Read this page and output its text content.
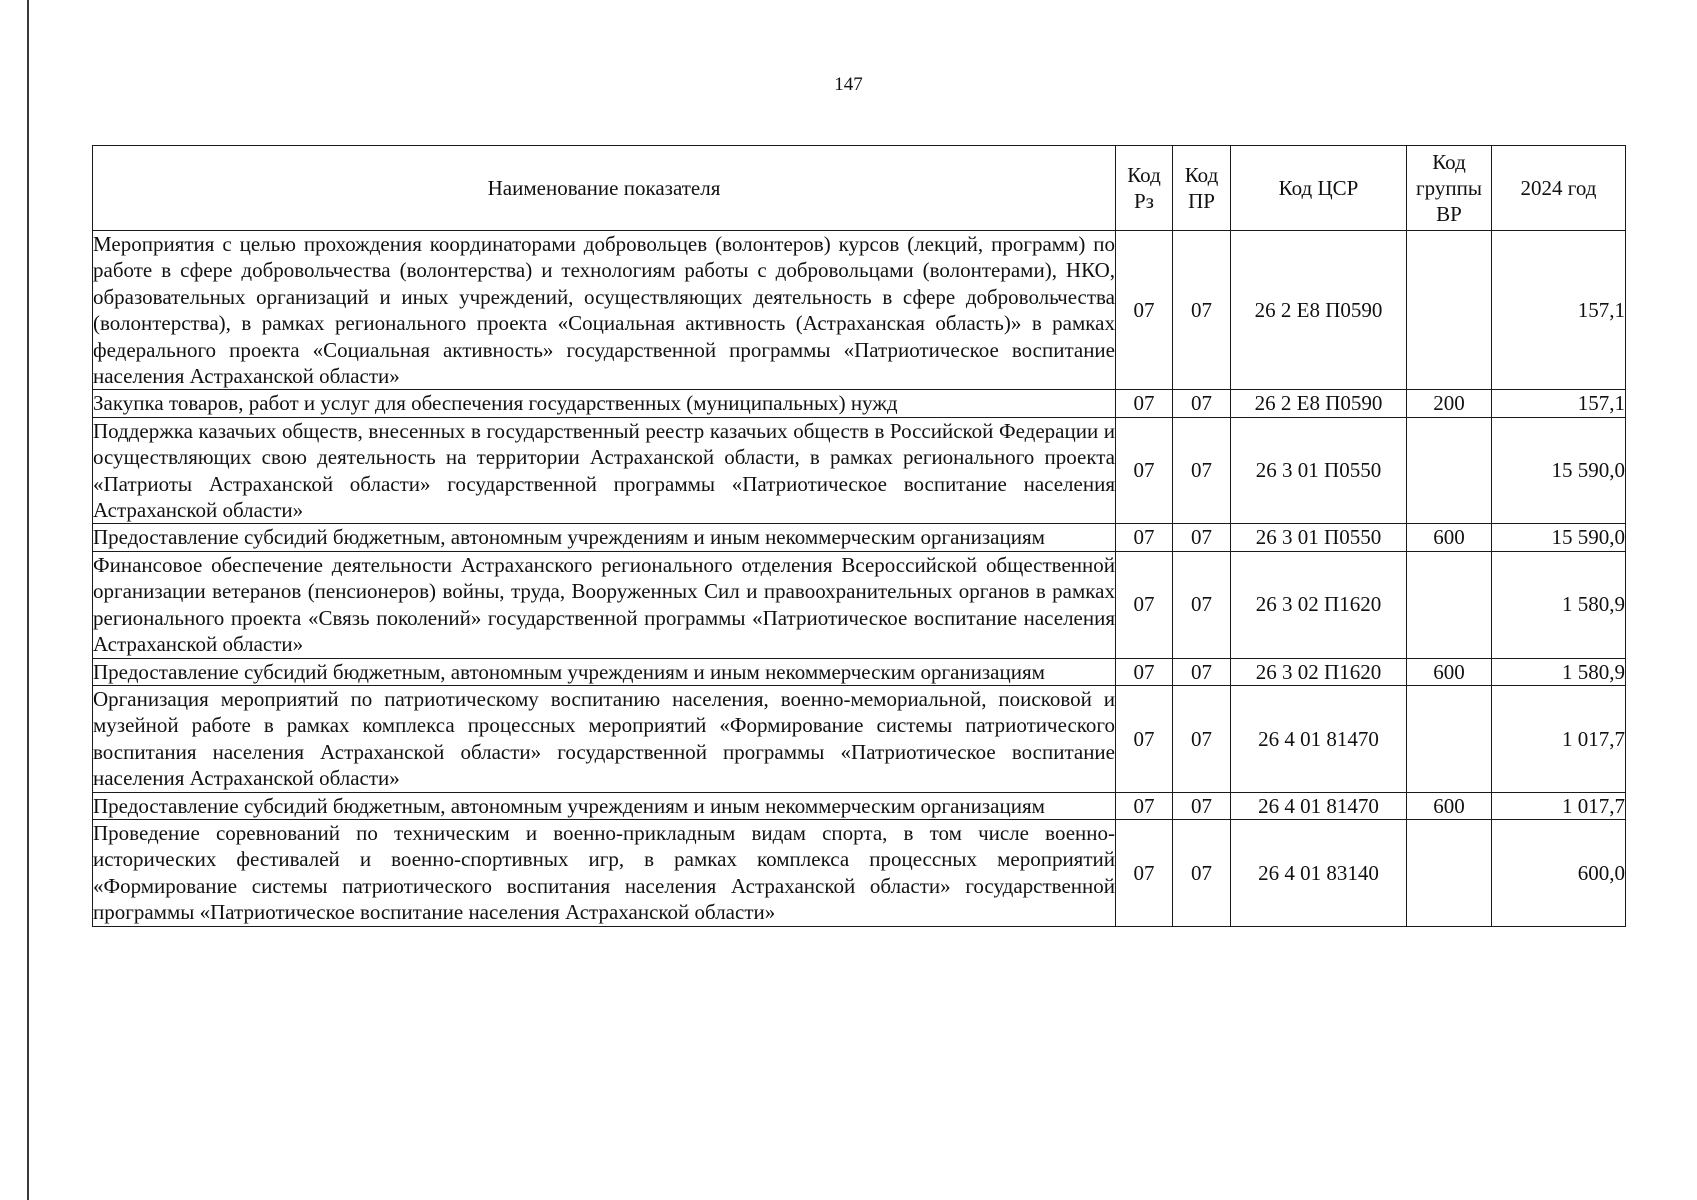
147
Наименование показателя	Код Рз	Код ПР	Код ЦСР	Код группы ВР	2024 год
Мероприятия с целью прохождения координаторами добровольцев (волонтеров) курсов (лекций, программ) по работе в сфере добровольчества (волонтерства) и технологиям работы с добровольцами (волонтерами), НКО, образовательных организаций и иных учреждений, осуществляющих деятельность в сфере добровольчества (волонтерства), в рамках регионального проекта «Социальная активность (Астраханская область)» в рамках федерального проекта «Социальная активность» государственной программы «Патриотическое воспитание населения Астраханской области»	07	07	26 2 Е8 П0590		157,1
Закупка товаров, работ и услуг для обеспечения государственных (муниципальных) нужд	07	07	26 2 Е8 П0590	200	157,1
Поддержка казачьих обществ, внесенных в государственный реестр казачьих обществ в Российской Федерации и осуществляющих свою деятельность на территории Астраханской области, в рамках регионального проекта «Патриоты Астраханской области» государственной программы «Патриотическое воспитание населения Астраханской области»	07	07	26 3 01 П0550		15 590,0
Предоставление субсидий бюджетным, автономным учреждениям и иным некоммерческим организациям	07	07	26 3 01 П0550	600	15 590,0
Финансовое обеспечение деятельности Астраханского регионального отделения Всероссийской общественной организации ветеранов (пенсионеров) войны, труда, Вооруженных Сил и правоохранительных органов в рамках регионального проекта «Связь поколений» государственной программы «Патриотическое воспитание населения Астраханской области»	07	07	26 3 02 П1620		1 580,9
Предоставление субсидий бюджетным, автономным учреждениям и иным некоммерческим организациям	07	07	26 3 02 П1620	600	1 580,9
Организация мероприятий по патриотическому воспитанию населения, военно-мемориальной, поисковой и музейной работе в рамках комплекса процессных мероприятий «Формирование системы патриотического воспитания населения Астраханской области» государственной программы «Патриотическое воспитание населения Астраханской области»	07	07	26 4 01 81470		1 017,7
Предоставление субсидий бюджетным, автономным учреждениям и иным некоммерческим организациям	07	07	26 4 01 81470	600	1 017,7
Проведение соревнований по техническим и военно-прикладным видам спорта, в том числе военно-исторических фестивалей и военно-спортивных игр, в рамках комплекса процессных мероприятий «Формирование системы патриотического воспитания населения Астраханской области» государственной программы «Патриотическое воспитание населения Астраханской области»	07	07	26 4 01 83140		600,0
